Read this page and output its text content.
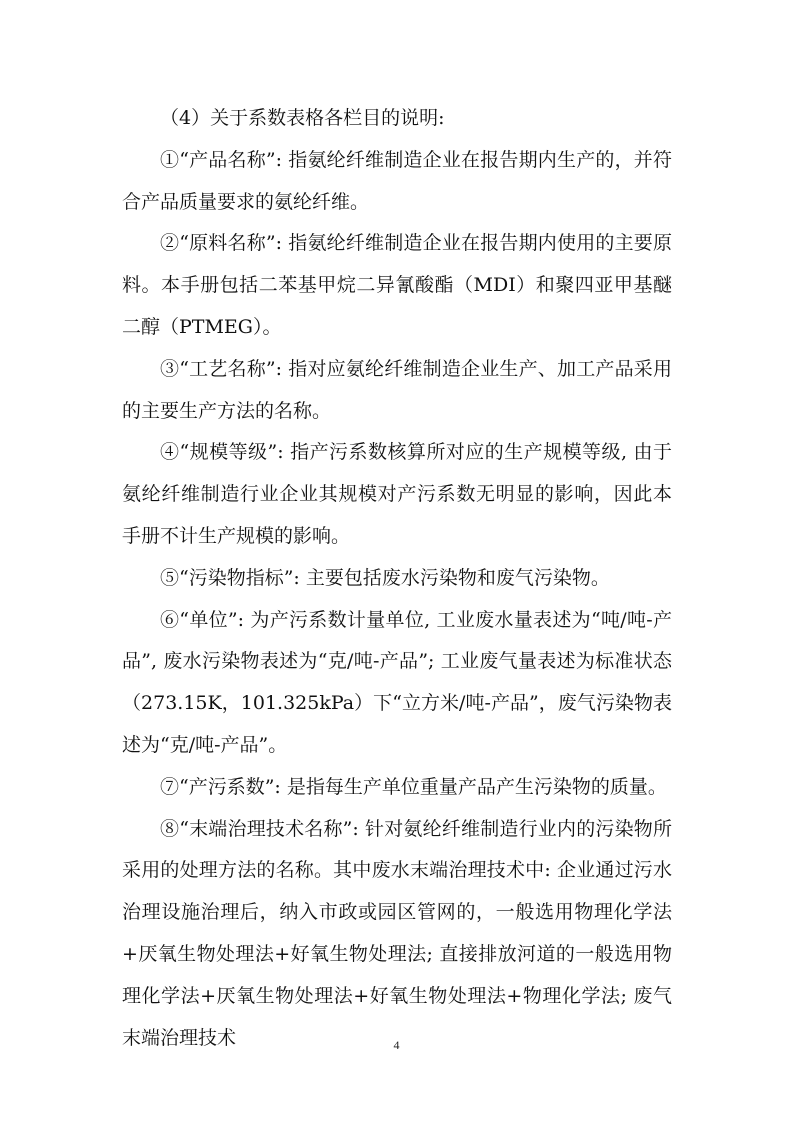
（4）关于系数表格各栏目的说明:

①“产品名称”: 指氨纶纤维制造企业在报告期内生产的，并符合产品质量要求的氨纶纤维。

②“原料名称”: 指氨纶纤维制造企业在报告期内使用的主要原料。本手册包括二苯基甲烷二异氰酸酯（MDI）和聚四亚甲基醚二醇（PTMEG）。

③“工艺名称”: 指对应氨纶纤维制造企业生产、加工产品采用的主要生产方法的名称。

④“规模等级”: 指产污系数核算所对应的生产规模等级, 由于氨纶纤维制造行业企业其规模对产污系数无明显的影响，因此本手册不计生产规模的影响。

⑤“污染物指标”: 主要包括废水污染物和废气污染物。

⑥“单位”: 为产污系数计量单位, 工业废水量表述为“吨/吨-产品”, 废水污染物表述为“克/吨-产品”; 工业废气量表述为标准状态（273.15K，101.325kPa）下“立方米/吨-产品”，废气污染物表述为“克/吨-产品”。

⑦“产污系数”: 是指每生产单位重量产品产生污染物的质量。

⑧“末端治理技术名称”: 针对氨纶纤维制造行业内的污染物所采用的处理方法的名称。其中废水末端治理技术中: 企业通过污水治理设施治理后，纳入市政或园区管网的，一般选用物理化学法+厌氧生物处理法+好氧生物处理法; 直接排放河道的一般选用物理化学法+厌氧生物处理法+好氧生物处理法+物理化学法; 废气末端治理技术	4
